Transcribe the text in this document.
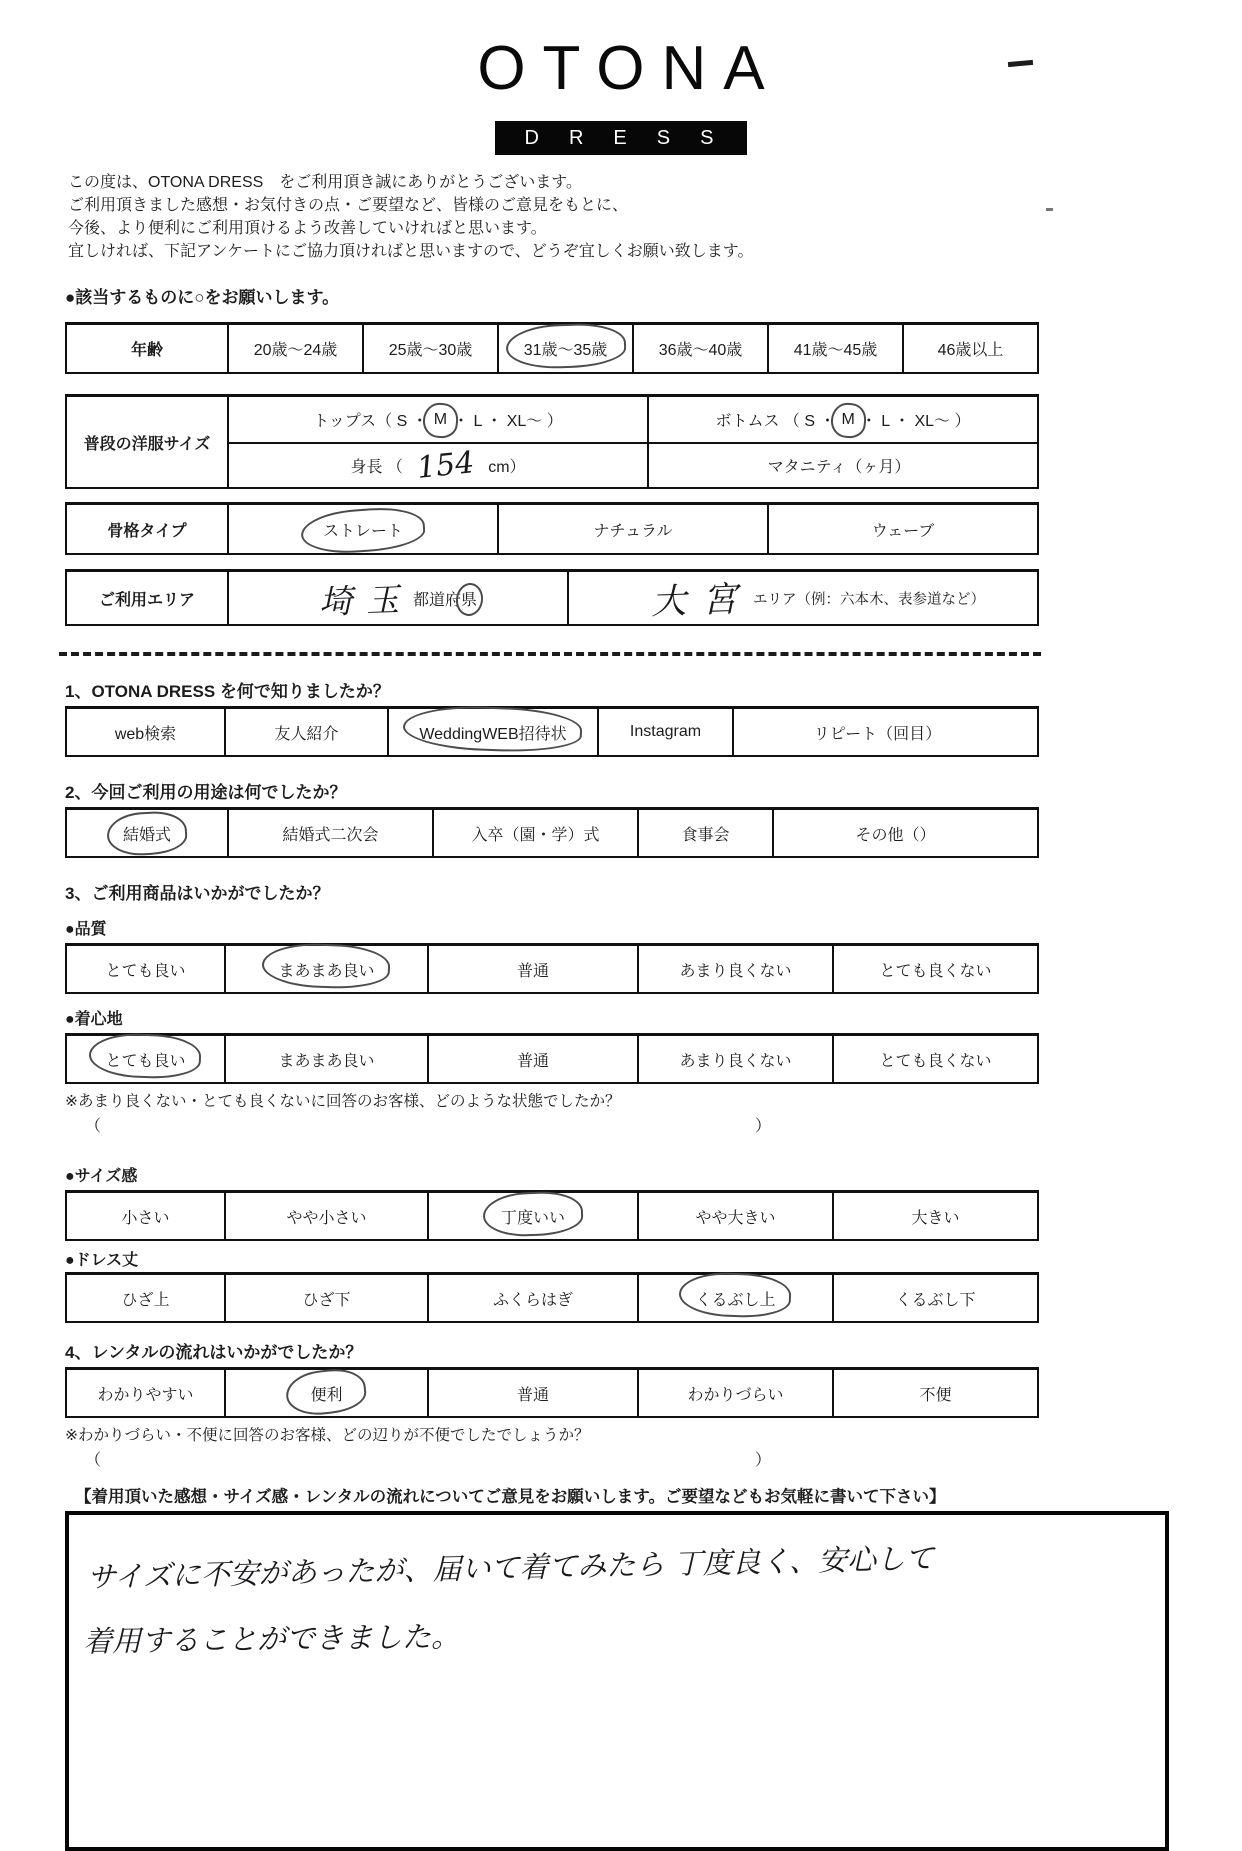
OTONA

DRESS
この度は、OTONA DRESS　をご利用頂き誠にありがとうございます。
ご利用頂きました感想・お気付きの点・ご要望など、皆様のご意見をもとに、
今後、より便利にご利用頂けるよう改善していければと思います。
宜しければ、下記アンケートにご協力頂ければと思いますので、どうぞ宜しくお願い致します。
●該当するものに○をお願いします。
年齢	20歳～24歳	25歳～30歳	31歳～35歳	36歳～40歳	41歳～45歳	46歳以上
普段の洋服サイズ
トップス（ S ・ M ・ L ・ XL～ ）	ボトムス （ S ・ M ・ L ・ XL～ ）
身長 （ 154 cm）	マタニティ（ ヶ月）
骨格タイプ	ストレート	ナチュラル	ウェーブ
ご利用エリア	埼玉 都道府県	大宮 エリア（例：六本木、表参道など）
1、OTONA DRESS を何で知りましたか？
web検索	友人紹介	WeddingWEB招待状	Instagram	リピート（ 回目 ）
2、今回ご利用の用途は何でしたか？
結婚式	結婚式二次会	入卒（園・学）式	食事会	その他（ ）
3、ご利用商品はいかがでしたか？
●品質
とても良い	まあまあ良い	普通	あまり良くない	とても良くない
●着心地
とても良い	まあまあ良い	普通	あまり良くない	とても良くない
※あまり良くない・とても良くないに回答のお客様、どのような状態でしたか？
（	）
●サイズ感
小さい	やや小さい	丁度いい	やや大きい	大きい
●ドレス丈
ひざ上	ひざ下	ふくらはぎ	くるぶし上	くるぶし下
4、レンタルの流れはいかがでしたか？
わかりやすい	便利	普通	わかりづらい	不便
※わかりづらい・不便に回答のお客様、どの辺りが不便でしたでしょうか？
（	）
【着用頂いた感想・サイズ感・レンタルの流れについてご意見をお願いします。ご要望などもお気軽に書いて下さい】
サイズに不安があったが、届いて着てみたら 丁度良く、安心して
着用することができました。
